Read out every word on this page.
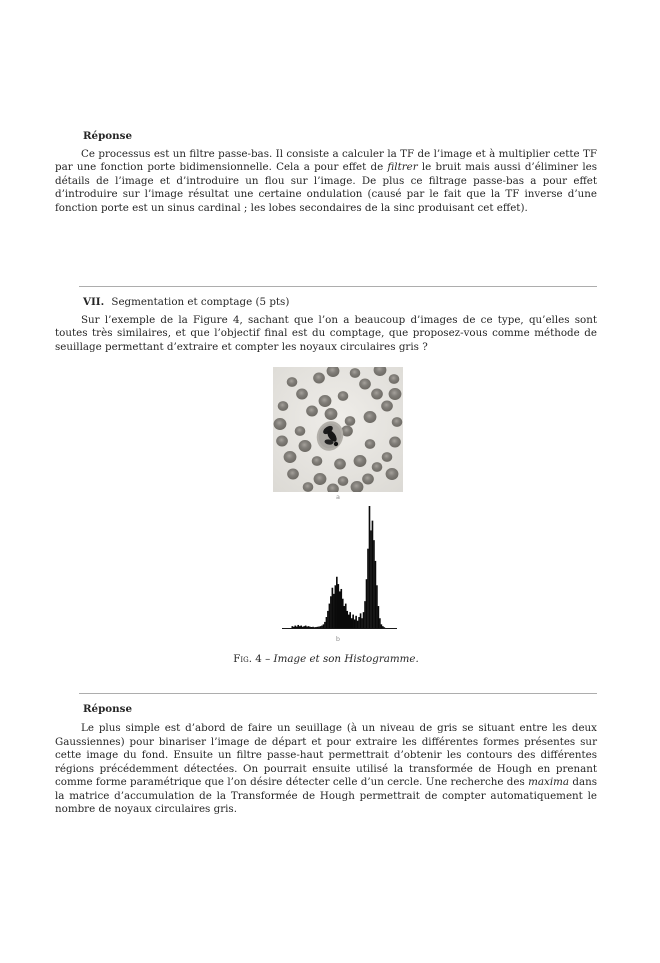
Réponse

Ce processus est un filtre passe-bas. Il consiste a calculer la TF de l’image et à multiplier cette TF par une fonction porte bidimensionnelle. Cela a pour effet de filtrer le bruit mais aussi d’éliminer les détails de l’image et d’introduire un flou sur l’image. De plus ce filtrage passe-bas a pour effet d’introduire sur l’image résultat une certaine ondulation (causé par le fait que la TF inverse d’une fonction porte est un sinus cardinal ; les lobes secondaires de la sinc produisant cet effet).

VII. Segmentation et comptage (5 pts)

Sur l’exemple de la Figure 4, sachant que l’on a beaucoup d’images de ce type, qu’elles sont toutes très similaires, et que l’objectif final est du comptage, que proposez-vous comme méthode de seuillage permettant d’extraire et compter les noyaux circulaires gris ?

a
b
Fig. 4 – Image et son Histogramme.
Réponse

Le plus simple est d’abord de faire un seuillage (à un niveau de gris se situant entre les deux Gaussiennes) pour binariser l’image de départ et pour extraire les différentes formes présentes sur cette image du fond. Ensuite un filtre passe-haut permettrait d’obtenir les contours des différentes régions précédemment détectées. On pourrait ensuite utilisé la transformée de Hough en prenant comme forme paramétrique que l’on désire détecter celle d’un cercle. Une recherche des maxima dans la matrice d’accumulation de la Transformée de Hough permettrait de compter automatiquement le nombre de noyaux circulaires gris.
